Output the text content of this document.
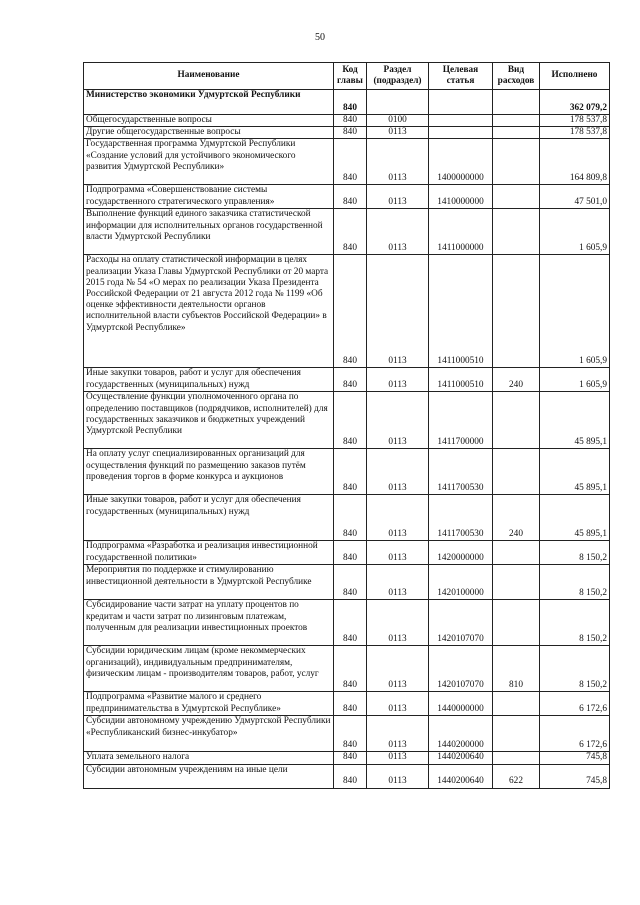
50
Наименование	Код главы	Раздел (подраздел)	Целевая статья	Вид расходов	Исполнено
Министерство экономики Удмуртской Республики	840				362 079,2
Общегосударственные вопросы	840	0100			178 537,8
Другие общегосударственные вопросы	840	0113			178 537,8
Государственная программа Удмуртской Республики «Создание условий для устойчивого экономического развития Удмуртской Республики»	840	0113	1400000000		164 809,8
Подпрограмма «Совершенствование системы государственного стратегического управления»	840	0113	1410000000		47 501,0
Выполнение функций единого заказчика статистической информации для исполнительных органов государственной власти Удмуртской Республики	840	0113	1411000000		1 605,9
Расходы на оплату статистической информации в целях реализации Указа Главы Удмуртской Республики от 20 марта 2015 года № 54 «О мерах по реализации Указа Президента Российской Федерации от 21 августа 2012 года № 1199 «Об оценке эффективности деятельности органов исполнительной власти субъектов Российской Федерации» в Удмуртской Республике»	840	0113	1411000510		1 605,9
Иные закупки товаров, работ и услуг для обеспечения государственных (муниципальных) нужд	840	0113	1411000510	240	1 605,9
Осуществление функции уполномоченного органа по определению поставщиков (подрядчиков, исполнителей) для государственных заказчиков и бюджетных учреждений Удмуртской Республики	840	0113	1411700000		45 895,1
На оплату услуг специализированных организаций для осуществления функций по размещению заказов путём проведения торгов в форме конкурса и аукционов	840	0113	1411700530		45 895,1
Иные закупки товаров, работ и услуг для обеспечения государственных (муниципальных) нужд	840	0113	1411700530	240	45 895,1
Подпрограмма «Разработка и реализация инвестиционной государственной политики»	840	0113	1420000000		8 150,2
Мероприятия по поддержке и стимулированию инвестиционной деятельности в Удмуртской Республике	840	0113	1420100000		8 150,2
Субсидирование части затрат на уплату процентов по кредитам и части затрат по лизинговым платежам, полученным для реализации инвестиционных проектов	840	0113	1420107070		8 150,2
Субсидии юридическим лицам (кроме некоммерческих организаций), индивидуальным предпринимателям, физическим лицам - производителям товаров, работ, услуг	840	0113	1420107070	810	8 150,2
Подпрограмма «Развитие малого и среднего предпринимательства в Удмуртской Республике»	840	0113	1440000000		6 172,6
Субсидии автономному учреждению Удмуртской Республики «Республиканский бизнес-инкубатор»	840	0113	1440200000		6 172,6
Уплата земельного налога	840	0113	1440200640		745,8
Субсидии автономным учреждениям на иные цели	840	0113	1440200640	622	745,8
